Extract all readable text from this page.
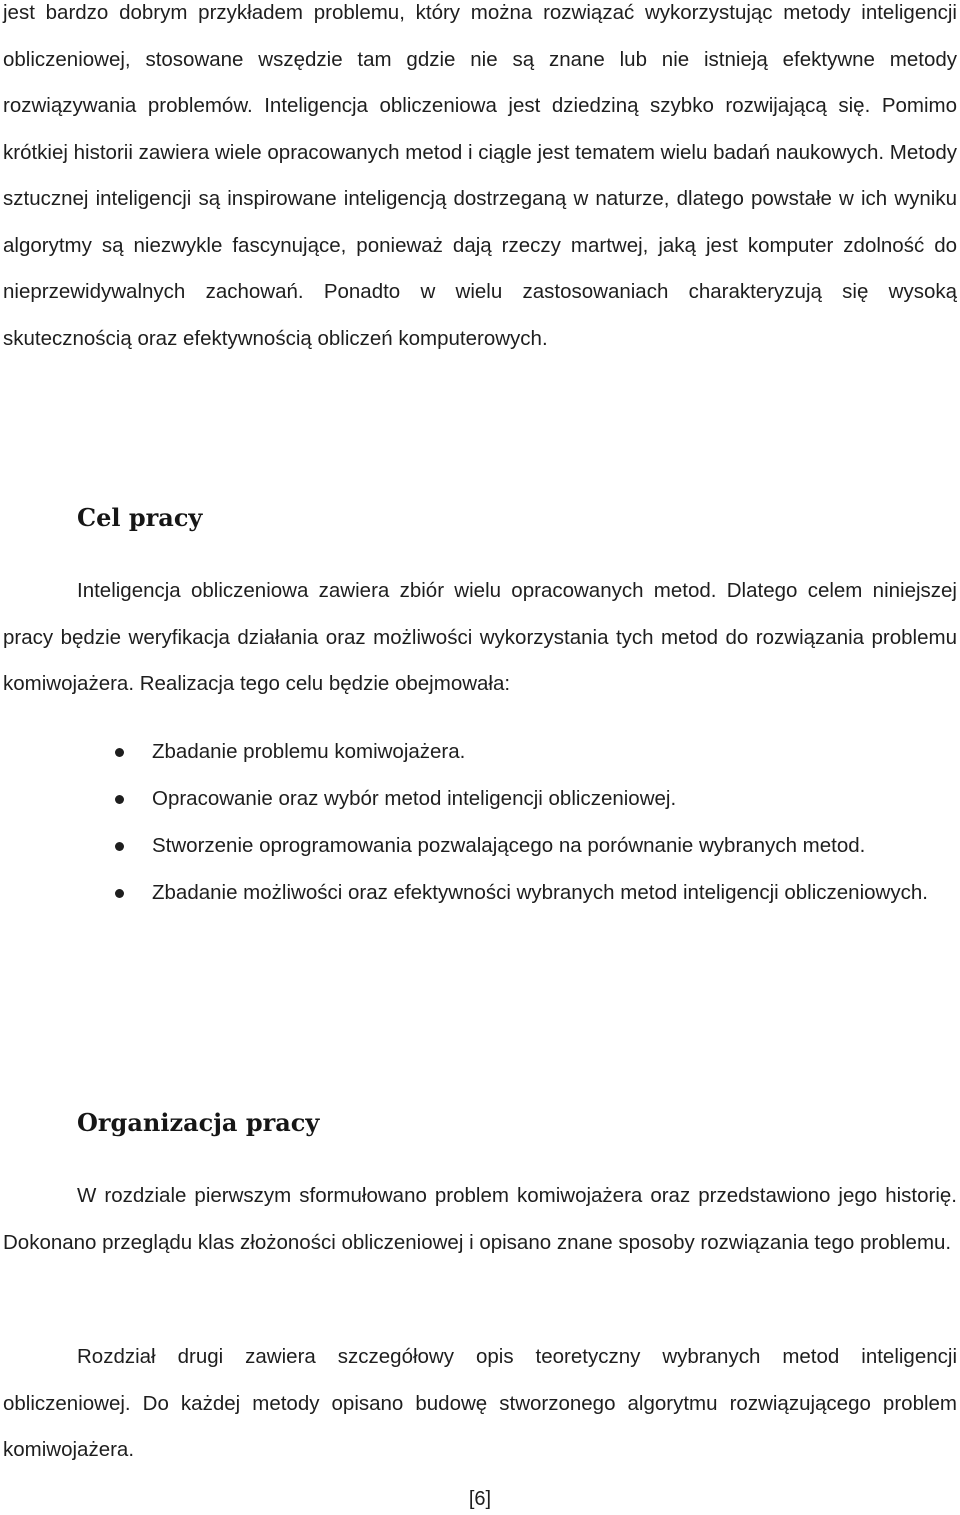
jest bardzo dobrym przykładem problemu, który można rozwiązać wykorzystując metody inteligencji obliczeniowej, stosowane wszędzie tam gdzie nie są znane lub nie istnieją efektywne metody rozwiązywania problemów. Inteligencja obliczeniowa jest dziedziną szybko rozwijającą się. Pomimo krótkiej historii zawiera wiele opracowanych metod i ciągle jest tematem wielu badań naukowych. Metody sztucznej inteligencji są inspirowane inteligencją dostrzeganą w naturze, dlatego powstałe w ich wyniku algorytmy są niezwykle fascynujące, ponieważ dają rzeczy martwej, jaką jest komputer zdolność do nieprzewidywalnych zachowań. Ponadto w wielu zastosowaniach charakteryzują się wysoką skutecznością oraz efektywnością obliczeń komputerowych.

Cel pracy

Inteligencja obliczeniowa zawiera zbiór wielu opracowanych metod. Dlatego celem niniejszej pracy będzie weryfikacja działania oraz możliwości wykorzystania tych metod do rozwiązania problemu komiwojażera. Realizacja tego celu będzie obejmowała:

Zbadanie problemu komiwojażera.
Opracowanie oraz wybór metod inteligencji obliczeniowej.
Stworzenie oprogramowania pozwalającego na porównanie wybranych metod.
Zbadanie możliwości oraz efektywności wybranych metod inteligencji obliczeniowych.
Organizacja pracy

W rozdziale pierwszym sformułowano problem komiwojażera oraz przedstawiono jego historię. Dokonano przeglądu klas złożoności obliczeniowej i opisano znane sposoby rozwiązania tego problemu.

Rozdział drugi zawiera szczegółowy opis teoretyczny wybranych metod inteligencji obliczeniowej. Do każdej metody opisano budowę stworzonego algorytmu rozwiązującego problem komiwojażera.

[6]
